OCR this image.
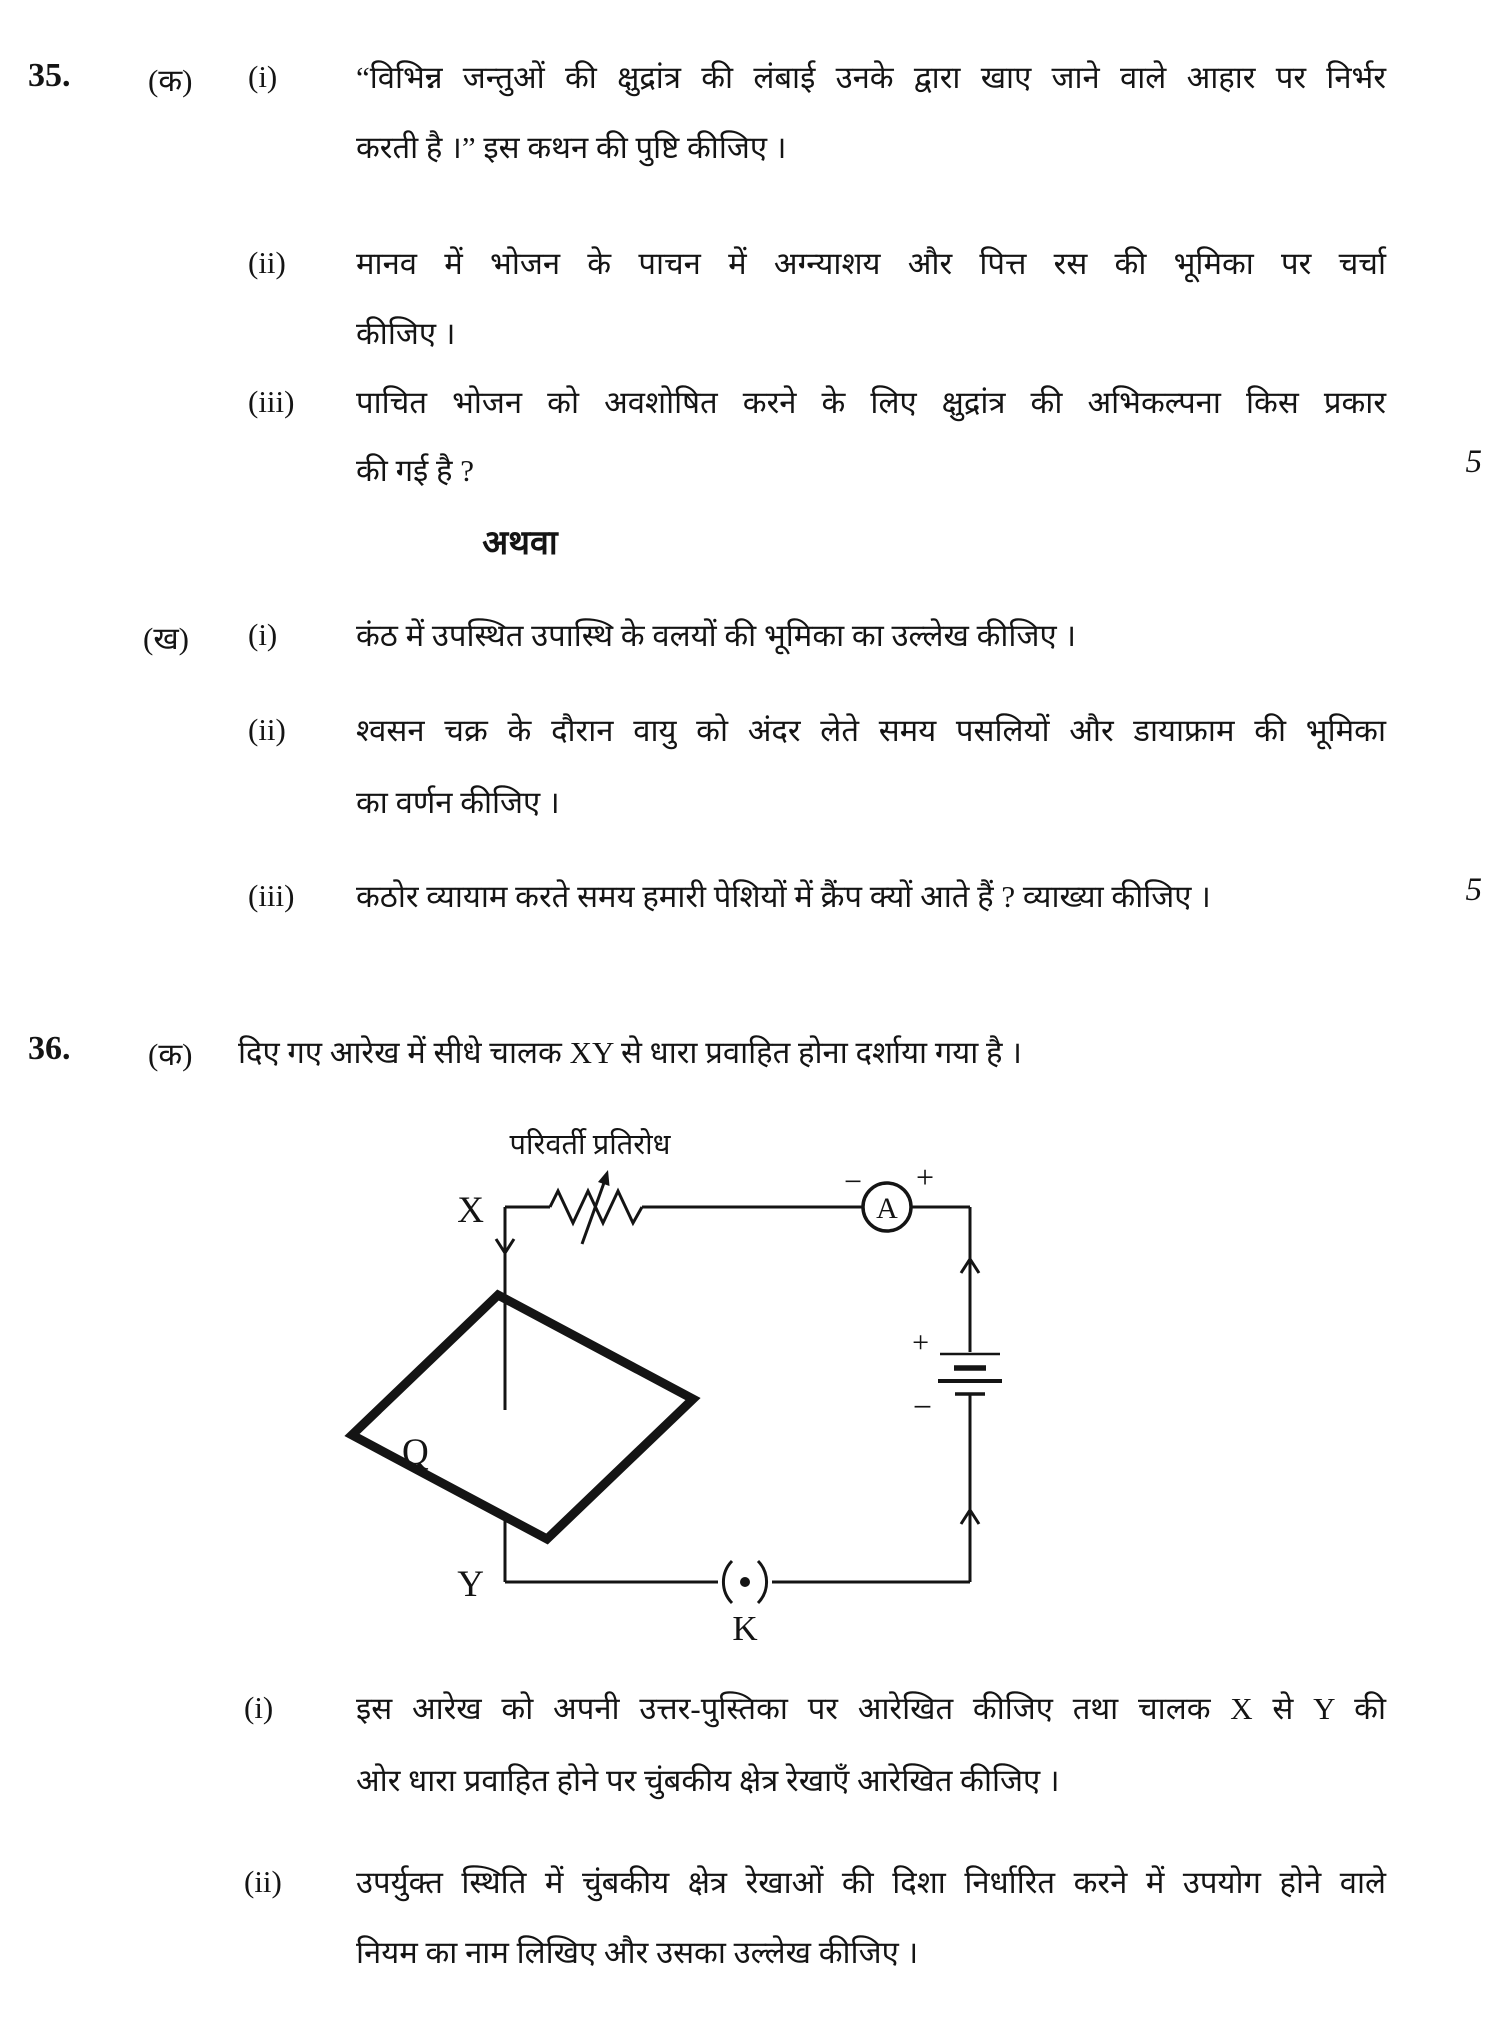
35.	(क) (i)	“विभिन्न जन्तुओं की क्षुद्रांत्र की लंबाई उनके द्वारा खाए जाने वाले आहार पर निर्भर
करती है ।” इस कथन की पुष्टि कीजिए ।
(ii) मानव में भोजन के पाचन में अग्न्याशय और पित्त रस की भूमिका पर चर्चा
कीजिए ।
(iii) पाचित भोजन को अवशोषित करने के लिए क्षुद्रांत्र की अभिकल्पना किस प्रकार
की गई है ?	5
अथवा
(ख) (i)	कंठ में उपस्थित उपास्थि के वलयों की भूमिका का उल्लेख कीजिए ।
(ii) श्वसन चक्र के दौरान वायु को अंदर लेते समय पसलियों और डायाफ्राम की भूमिका
का वर्णन कीजिए ।
(iii) कठोर व्यायाम करते समय हमारी पेशियों में क्रैंप क्यों आते हैं ? व्याख्या कीजिए ।	5
36.	(क) दिए गए आरेख में सीधे चालक XY से धारा प्रवाहित होना दर्शाया गया है ।
परिवर्ती प्रतिरोध
X
Y
Q
K
A
− +
+
−
(i)	इस आरेख को अपनी उत्तर-पुस्तिका पर आरेखित कीजिए तथा चालक X से Y की
ओर धारा प्रवाहित होने पर चुंबकीय क्षेत्र रेखाएँ आरेखित कीजिए ।
(ii) उपर्युक्त स्थिति में चुंबकीय क्षेत्र रेखाओं की दिशा निर्धारित करने में उपयोग होने वाले
नियम का नाम लिखिए और उसका उल्लेख कीजिए ।
